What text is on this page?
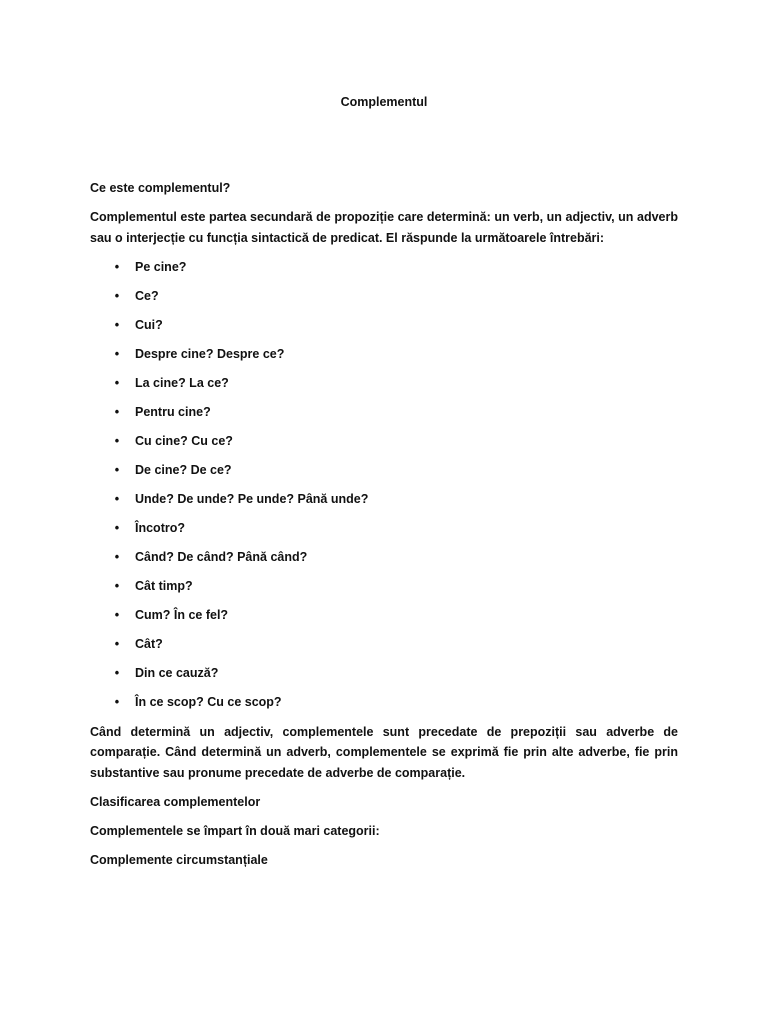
Complementul

Ce este complementul?

Complementul este partea secundară de propoziție care determină: un verb, un adjectiv, un adverb sau o interjecție cu funcția sintactică de predicat. El răspunde la următoarele întrebări:

• Pe cine?
• Ce?
• Cui?
• Despre cine? Despre ce?
• La cine? La ce?
• Pentru cine?
• Cu cine? Cu ce?
• De cine? De ce?
• Unde? De unde? Pe unde? Până unde?
• Încotro?
• Când? De când? Până când?
• Cât timp?
• Cum? În ce fel?
• Cât?
• Din ce cauză?
• În ce scop? Cu ce scop?

Când determină un adjectiv, complementele sunt precedate de prepoziții sau adverbe de comparație. Când determină un adverb, complementele se exprimă fie prin alte adverbe, fie prin substantive sau pronume precedate de adverbe de comparație.

Clasificarea complementelor

Complementele se împart în două mari categorii:

Complemente circumstanțiale
